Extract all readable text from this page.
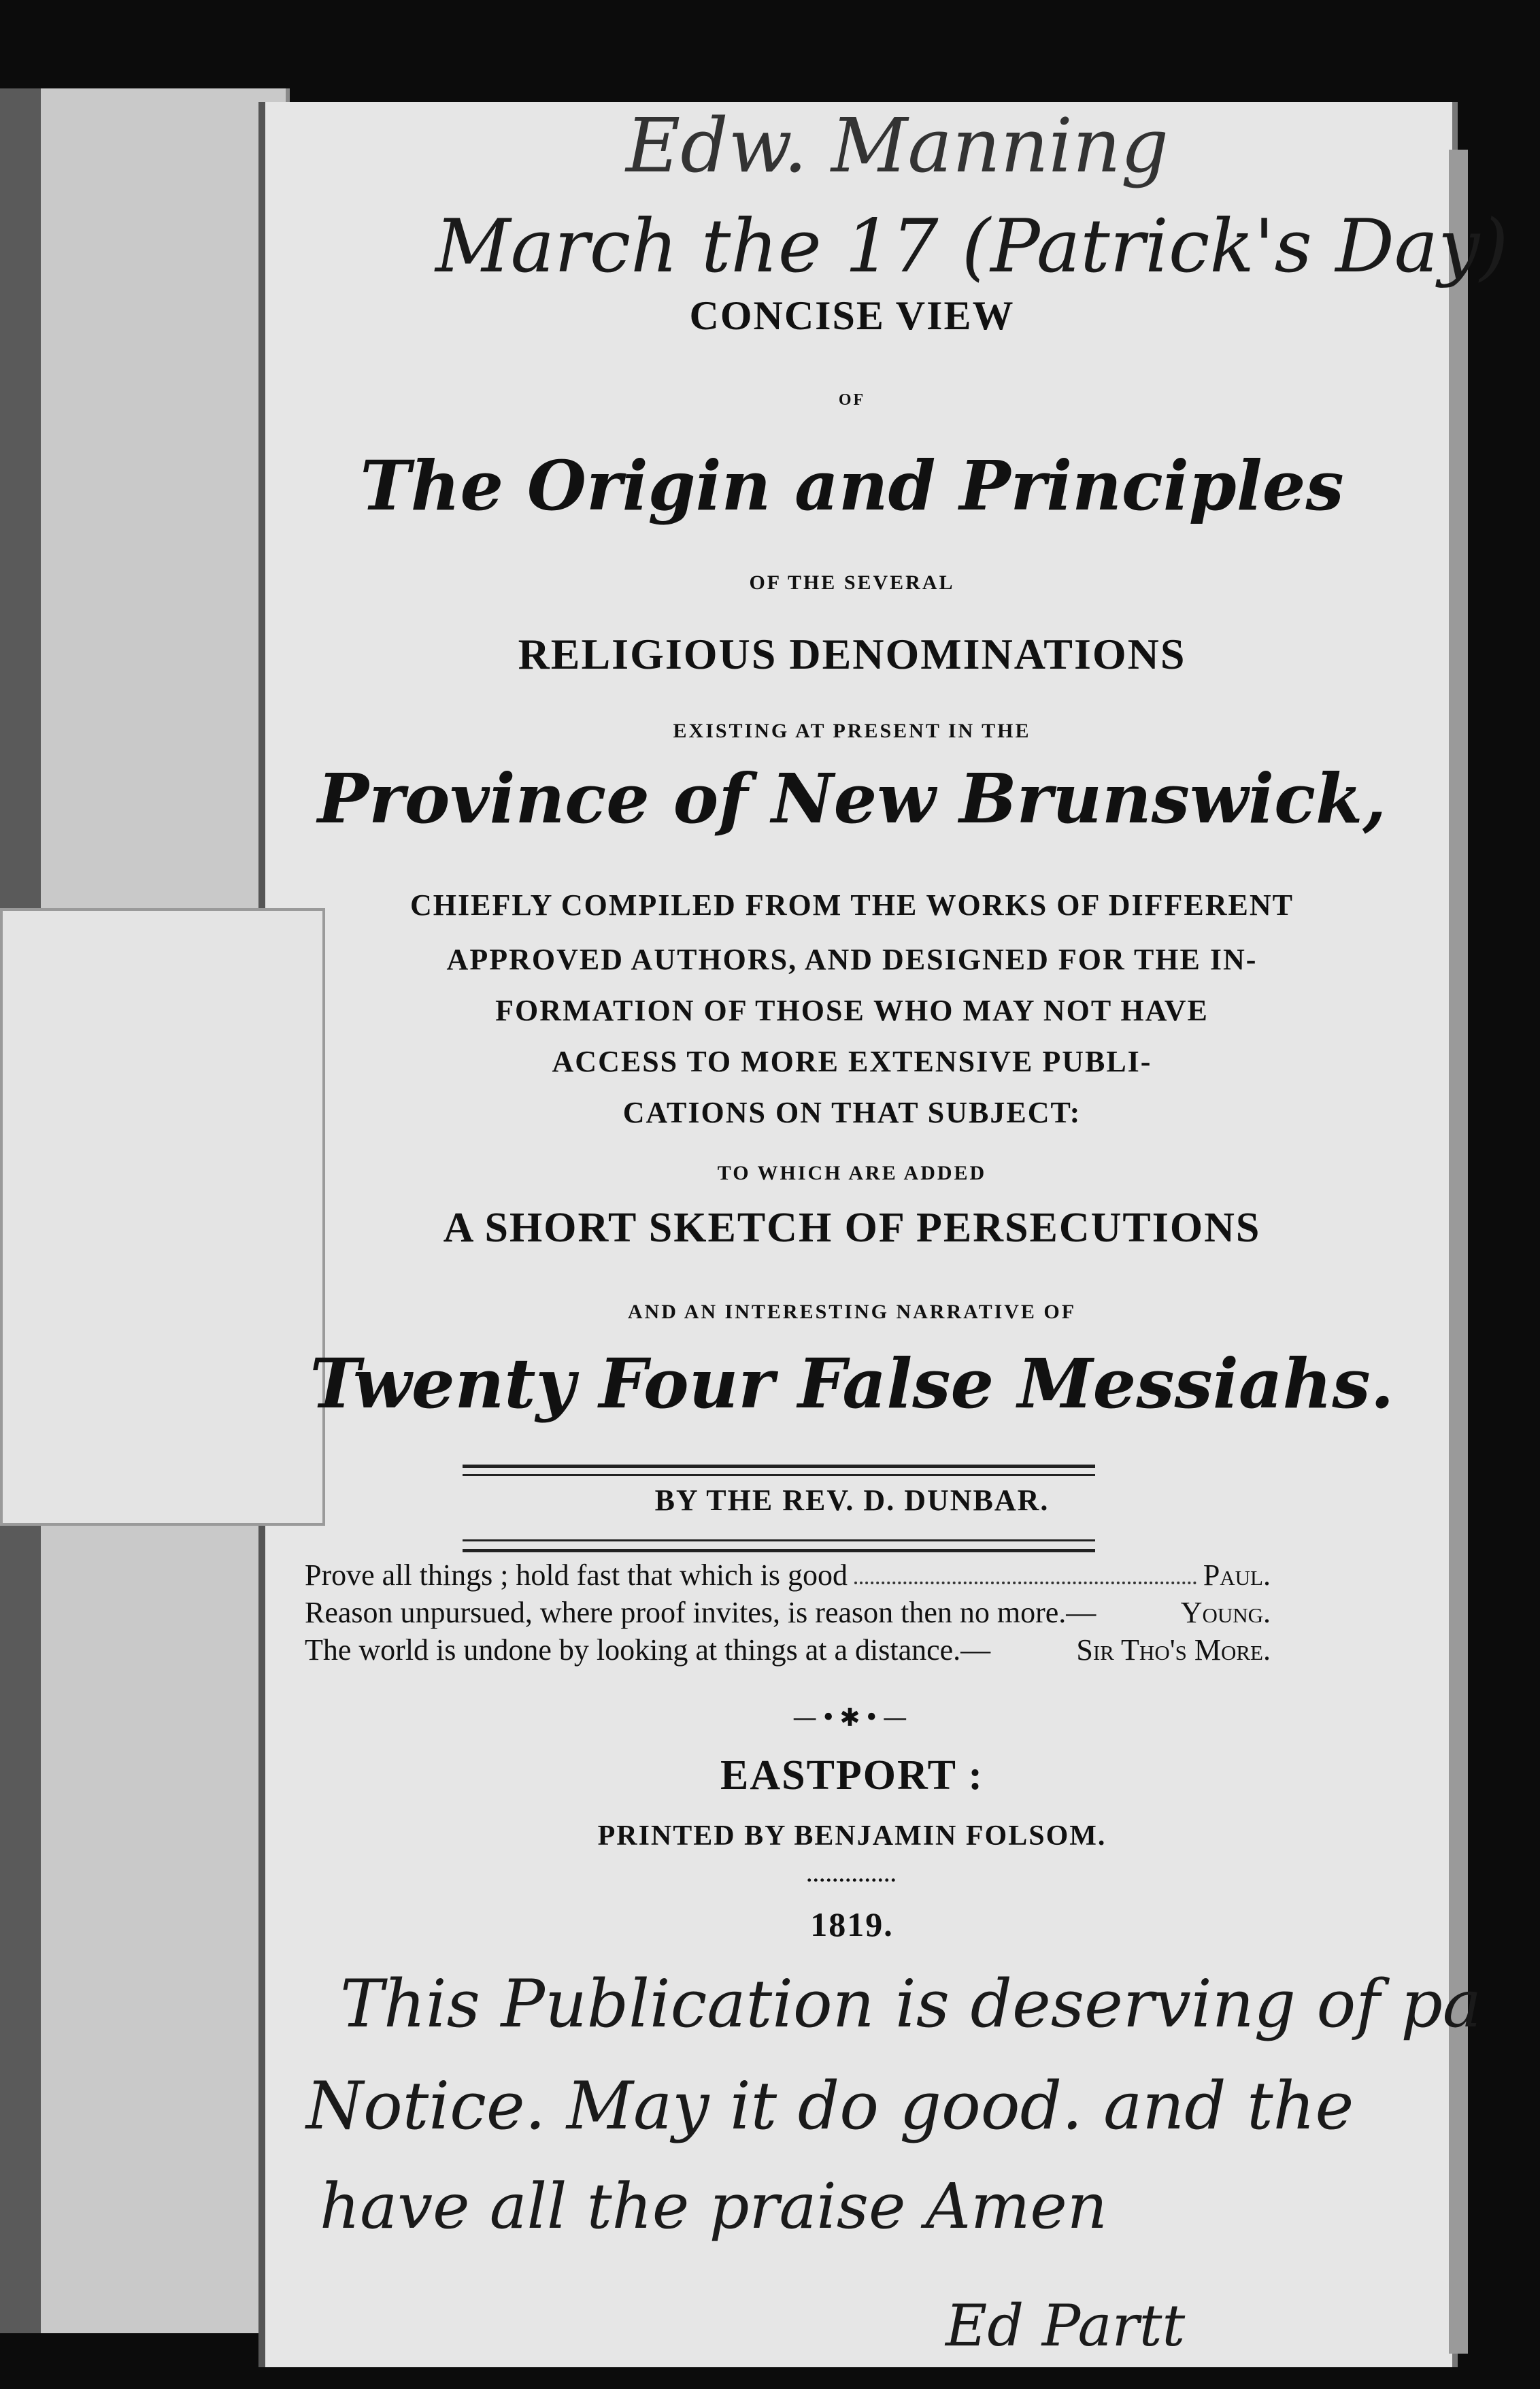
Edw. Manning
March the 17 (Patrick's Day)
CONCISE VIEW
OF
The Origin and Principles
OF THE SEVERAL
RELIGIOUS DENOMINATIONS
EXISTING AT PRESENT IN THE
Province of New Brunswick,
CHIEFLY COMPILED FROM THE WORKS OF DIFFERENT
APPROVED AUTHORS, AND DESIGNED FOR THE IN-
FORMATION OF THOSE WHO MAY NOT HAVE
ACCESS TO MORE EXTENSIVE PUBLI-
CATIONS ON THAT SUBJECT:
TO WHICH ARE ADDED
A SHORT SKETCH OF PERSECUTIONS
AND AN INTERESTING NARRATIVE OF
Twenty Four False Messiahs.
BY THE REV. D. DUNBAR.
Prove all things ; hold fast that which is good	Paul.
Reason unpursued, where proof invites, is reason then no more.—	Young.
The world is undone by looking at things at a distance.—	Sir Tho's More.
—•✱•—
EASTPORT :
PRINTED BY BENJAMIN FOLSOM.
..............
1819.
This Publication is deserving of pa
Notice. May it do good. and the
have all the praise Amen
Ed Partt
